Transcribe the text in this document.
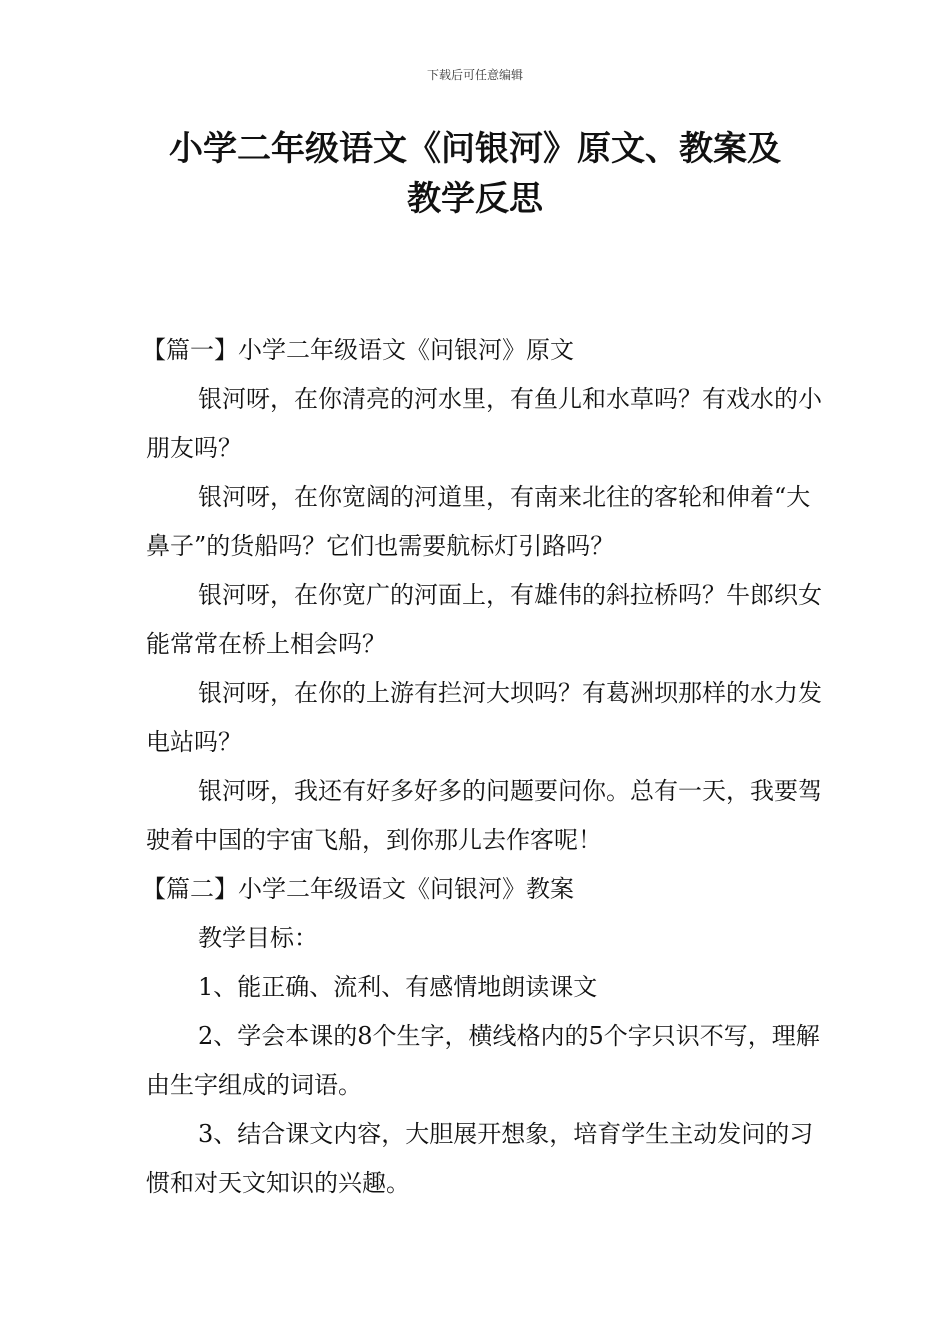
下载后可任意编辑
小学二年级语文《问银河》原文、教案及
教学反思

【篇一】小学二年级语文《问银河》原文

银河呀，在你清亮的河水里，有鱼儿和水草吗？有戏水的小朋友吗？

银河呀，在你宽阔的河道里，有南来北往的客轮和伸着“大鼻子”的货船吗？它们也需要航标灯引路吗？

银河呀，在你宽广的河面上，有雄伟的斜拉桥吗？牛郎织女能常常在桥上相会吗？

银河呀，在你的上游有拦河大坝吗？有葛洲坝那样的水力发电站吗？

银河呀，我还有好多好多的问题要问你。总有一天，我要驾驶着中国的宇宙飞船，到你那儿去作客呢！

【篇二】小学二年级语文《问银河》教案

教学目标：

1、能正确、流利、有感情地朗读课文

2、学会本课的8个生字，横线格内的5个字只识不写，理解由生字组成的词语。

3、结合课文内容，大胆展开想象，培育学生主动发问的习惯和对天文知识的兴趣。
